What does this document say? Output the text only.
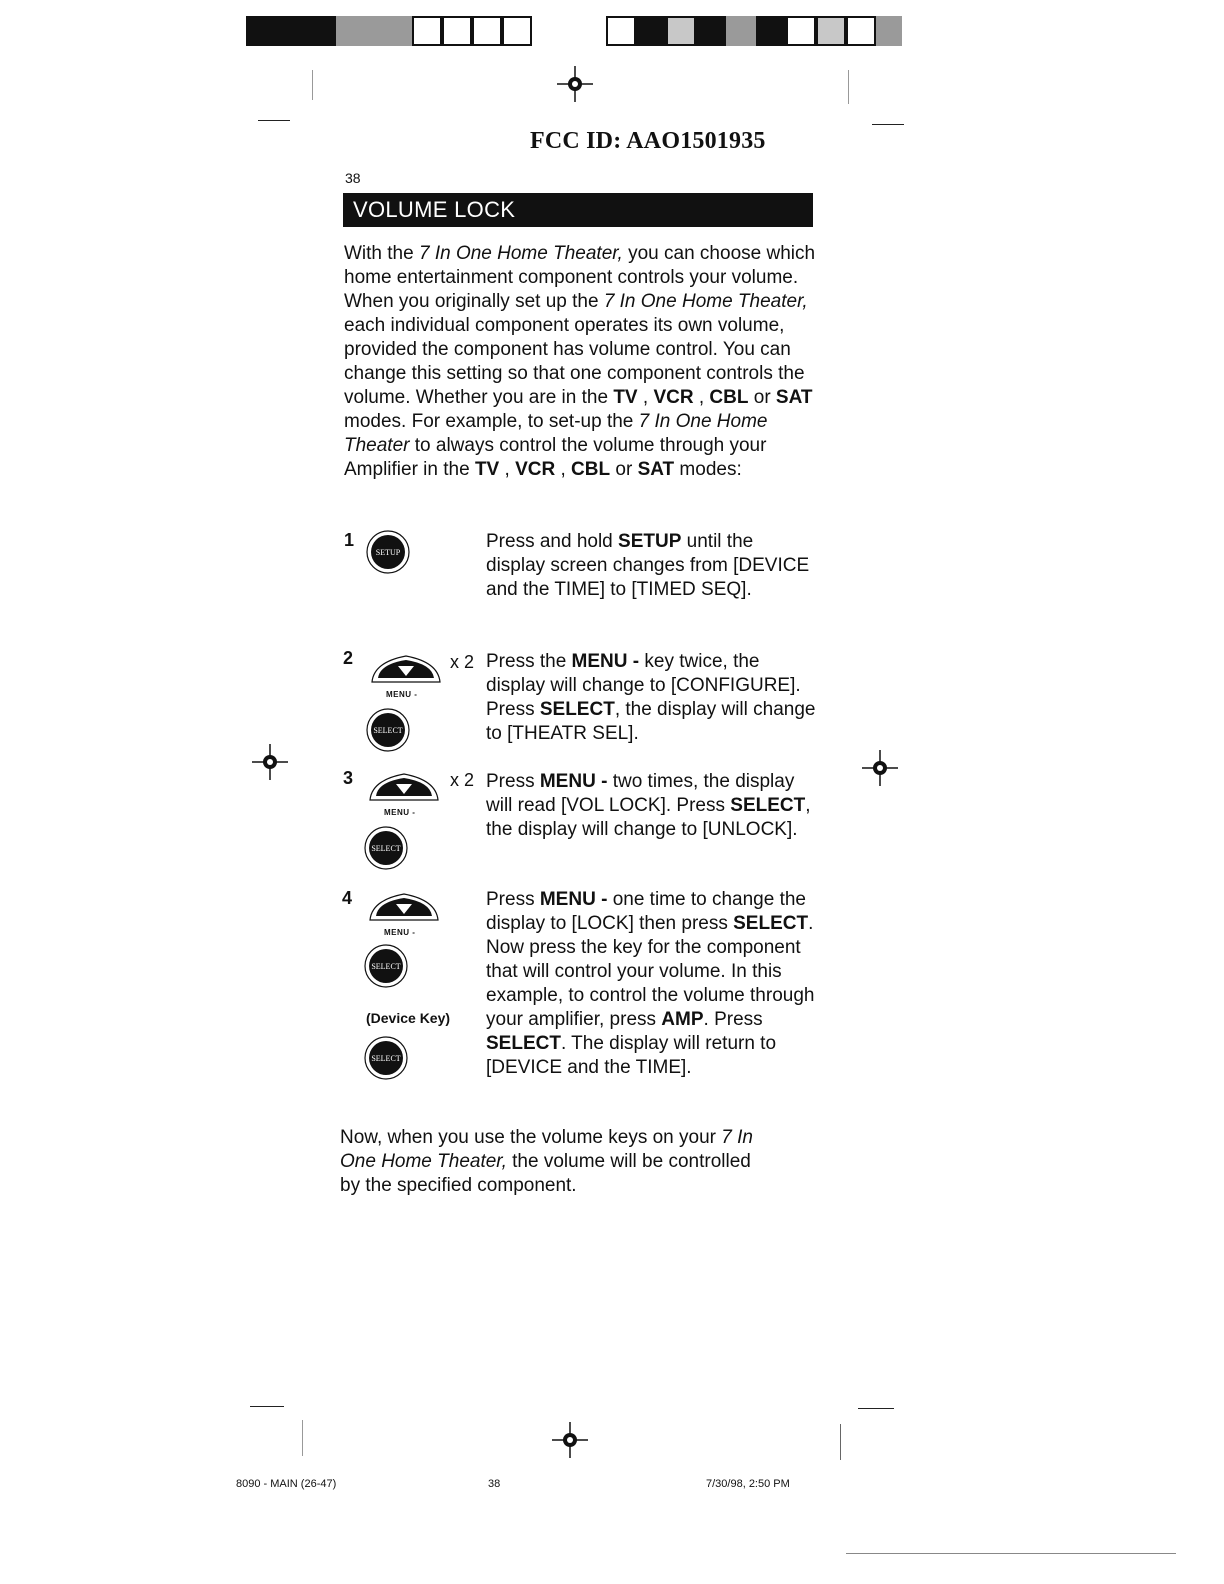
FCC ID: AAO1501935
38
VOLUME LOCK
With the 7 In One Home Theater, you can choose which home entertainment component controls your volume. When you originally set up the 7 In One Home Theater, each individual component operates its own volume, provided the component has volume control. You can change this setting so that one component controls the volume. Whether you are in the TV , VCR , CBL or SAT modes. For example, to set-up the 7 In One Home Theater to always control the volume through your Amplifier in the TV , VCR , CBL or SAT modes:
1
SETUP
Press and hold SETUP until the display screen changes from [DEVICE and the TIME] to [TIMED SEQ].
2
MENU -
x 2
SELECT
Press the MENU - key twice, the display will change to [CONFIGURE]. Press SELECT, the display will change to [THEATR SEL].
3
MENU -
x 2
SELECT
Press MENU - two times, the display will read [VOL LOCK]. Press SELECT, the display will change to [UNLOCK].
4
MENU -
SELECT
(Device Key)
SELECT
Press MENU - one time to change the display to [LOCK] then press SELECT. Now press the key for the component that will control your volume. In this example, to control the volume through your amplifier, press AMP. Press SELECT. The display will return to [DEVICE and the TIME].
Now, when you use the volume keys on your 7 In One Home Theater, the volume will be controlled by the specified component.
8090 - MAIN (26-47)	38	7/30/98, 2:50 PM
